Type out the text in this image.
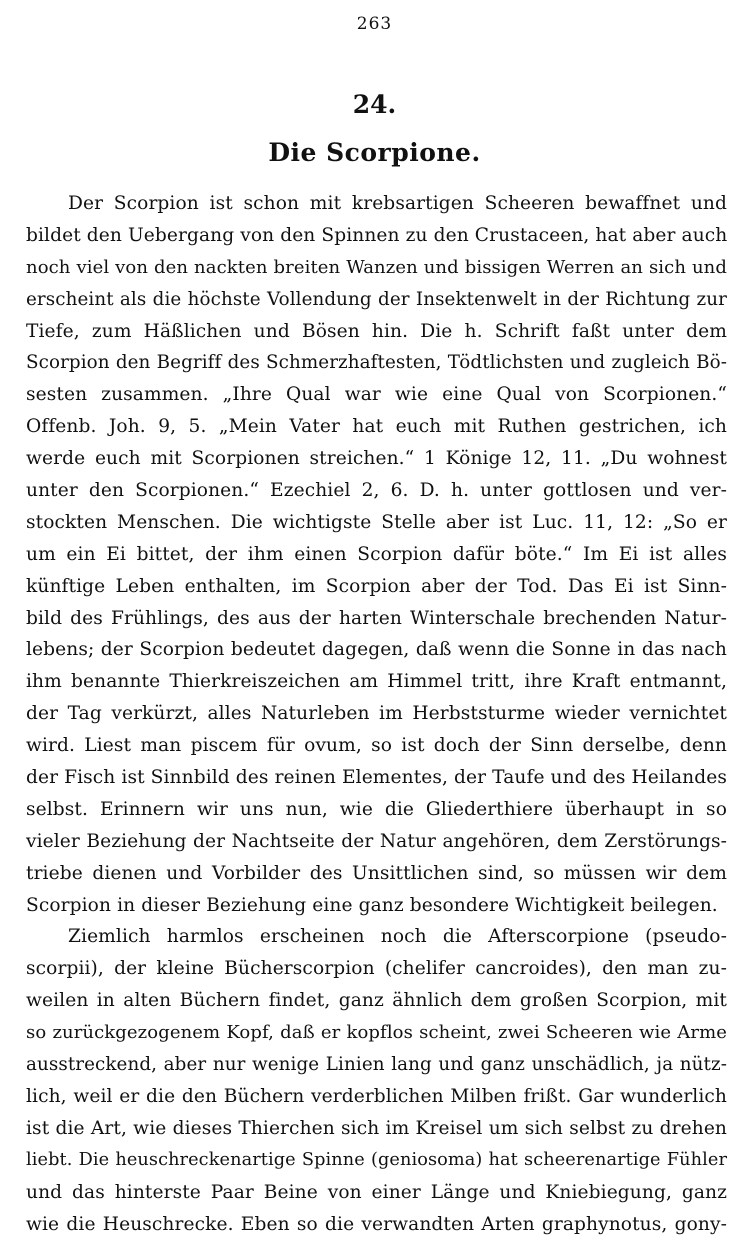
263
24.
Die Scorpione.
Der Scorpion ist schon mit krebsartigen Scheeren bewaffnet und
bildet den Uebergang von den Spinnen zu den Crustaceen, hat aber auch
noch viel von den nackten breiten Wanzen und bissigen Werren an sich und
erscheint als die höchste Vollendung der Insektenwelt in der Richtung zur
Tiefe, zum Häßlichen und Bösen hin. Die h. Schrift faßt unter dem
Scorpion den Begriff des Schmerzhaftesten, Tödtlichsten und zugleich Bö-
sesten zusammen. „Ihre Qual war wie eine Qual von Scorpionen.“
Offenb. Joh. 9, 5. „Mein Vater hat euch mit Ruthen gestrichen, ich
werde euch mit Scorpionen streichen.“ 1 Könige 12, 11. „Du wohnest
unter den Scorpionen.“ Ezechiel 2, 6. D. h. unter gottlosen und ver-
stockten Menschen. Die wichtigste Stelle aber ist Luc. 11, 12: „So er
um ein Ei bittet, der ihm einen Scorpion dafür böte.“ Im Ei ist alles
künftige Leben enthalten, im Scorpion aber der Tod. Das Ei ist Sinn-
bild des Frühlings, des aus der harten Winterschale brechenden Natur-
lebens; der Scorpion bedeutet dagegen, daß wenn die Sonne in das nach
ihm benannte Thierkreiszeichen am Himmel tritt, ihre Kraft entmannt,
der Tag verkürzt, alles Naturleben im Herbststurme wieder vernichtet
wird. Liest man piscem für ovum, so ist doch der Sinn derselbe, denn
der Fisch ist Sinnbild des reinen Elementes, der Taufe und des Heilandes
selbst. Erinnern wir uns nun, wie die Gliederthiere überhaupt in so
vieler Beziehung der Nachtseite der Natur angehören, dem Zerstörungs-
triebe dienen und Vorbilder des Unsittlichen sind, so müssen wir dem
Scorpion in dieser Beziehung eine ganz besondere Wichtigkeit beilegen.
Ziemlich harmlos erscheinen noch die Afterscorpione (pseudo-
scorpii), der kleine Bücherscorpion (chelifer cancroides), den man zu-
weilen in alten Büchern findet, ganz ähnlich dem großen Scorpion, mit
so zurückgezogenem Kopf, daß er kopflos scheint, zwei Scheeren wie Arme
ausstreckend, aber nur wenige Linien lang und ganz unschädlich, ja nütz-
lich, weil er die den Büchern verderblichen Milben frißt. Gar wunderlich
ist die Art, wie dieses Thierchen sich im Kreisel um sich selbst zu drehen
liebt. Die heuschreckenartige Spinne (geniosoma) hat scheerenartige Fühler
und das hinterste Paar Beine von einer Länge und Kniebiegung, ganz
wie die Heuschrecke. Eben so die verwandten Arten graphynotus, gony-
